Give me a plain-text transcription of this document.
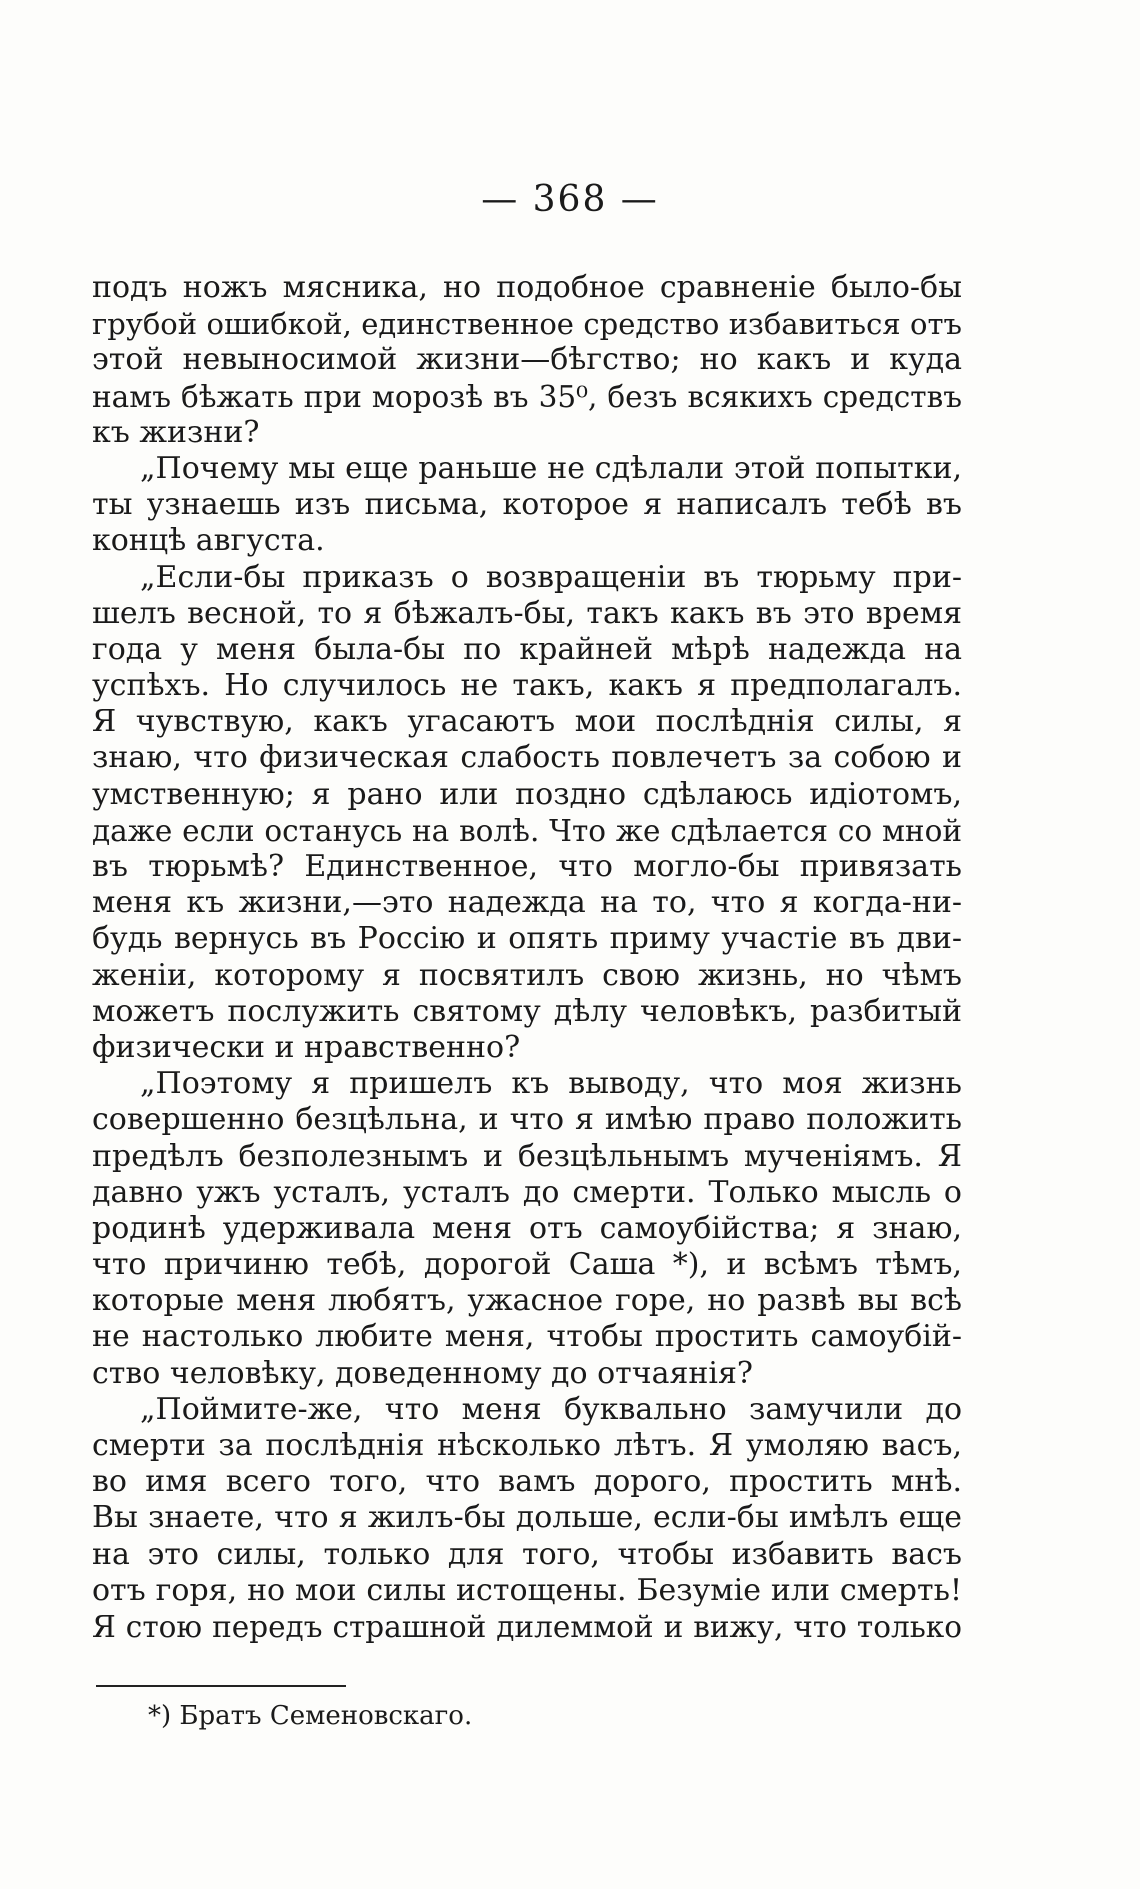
— 368 —
подъ ножъ мясника, но подобное сравненіе было-бы
грубой ошибкой, единственное средство избавиться отъ
этой невыносимой жизни—бѣгство; но какъ и куда
намъ бѣжать при морозѣ въ 35⁰, безъ всякихъ средствъ
къ жизни?
„Почему мы еще раньше не сдѣлали этой попытки,
ты узнаешь изъ письма, которое я написалъ тебѣ въ
концѣ августа.
„Если-бы приказъ о возвращеніи въ тюрьму при-
шелъ весной, то я бѣжалъ-бы, такъ какъ въ это время
года у меня была-бы по крайней мѣрѣ надежда на
успѣхъ. Но случилось не такъ, какъ я предполагалъ.
Я чувствую, какъ угасаютъ мои послѣднія силы, я
знаю, что физическая слабость повлечетъ за собою и
умственную; я рано или поздно сдѣлаюсь идіотомъ,
даже если останусь на волѣ. Что же сдѣлается со мной
въ тюрьмѣ? Единственное, что могло-бы привязать
меня къ жизни,—это надежда на то, что я когда-ни-
будь вернусь въ Россію и опять приму участіе въ дви-
женіи, которому я посвятилъ свою жизнь, но чѣмъ
можетъ послужить святому дѣлу человѣкъ, разбитый
физически и нравственно?
„Поэтому я пришелъ къ выводу, что моя жизнь
совершенно безцѣльна, и что я имѣю право положить
предѣлъ безполезнымъ и безцѣльнымъ мученіямъ. Я
давно ужъ усталъ, усталъ до смерти. Только мысль о
родинѣ удерживала меня отъ самоубійства; я знаю,
что причиню тебѣ, дорогой Саша *), и всѣмъ тѣмъ,
которые меня любятъ, ужасное горе, но развѣ вы всѣ
не настолько любите меня, чтобы простить самоубій-
ство человѣку, доведенному до отчаянія?
„Поймите-же, что меня буквально замучили до
смерти за послѣднія нѣсколько лѣтъ. Я умоляю васъ,
во имя всего того, что вамъ дорого, простить мнѣ.
Вы знаете, что я жилъ-бы дольше, если-бы имѣлъ еще
на это силы, только для того, чтобы избавить васъ
отъ горя, но мои силы истощены. Безуміе или смерть!
Я стою передъ страшной дилеммой и вижу, что только
*) Братъ Семеновскаго.
